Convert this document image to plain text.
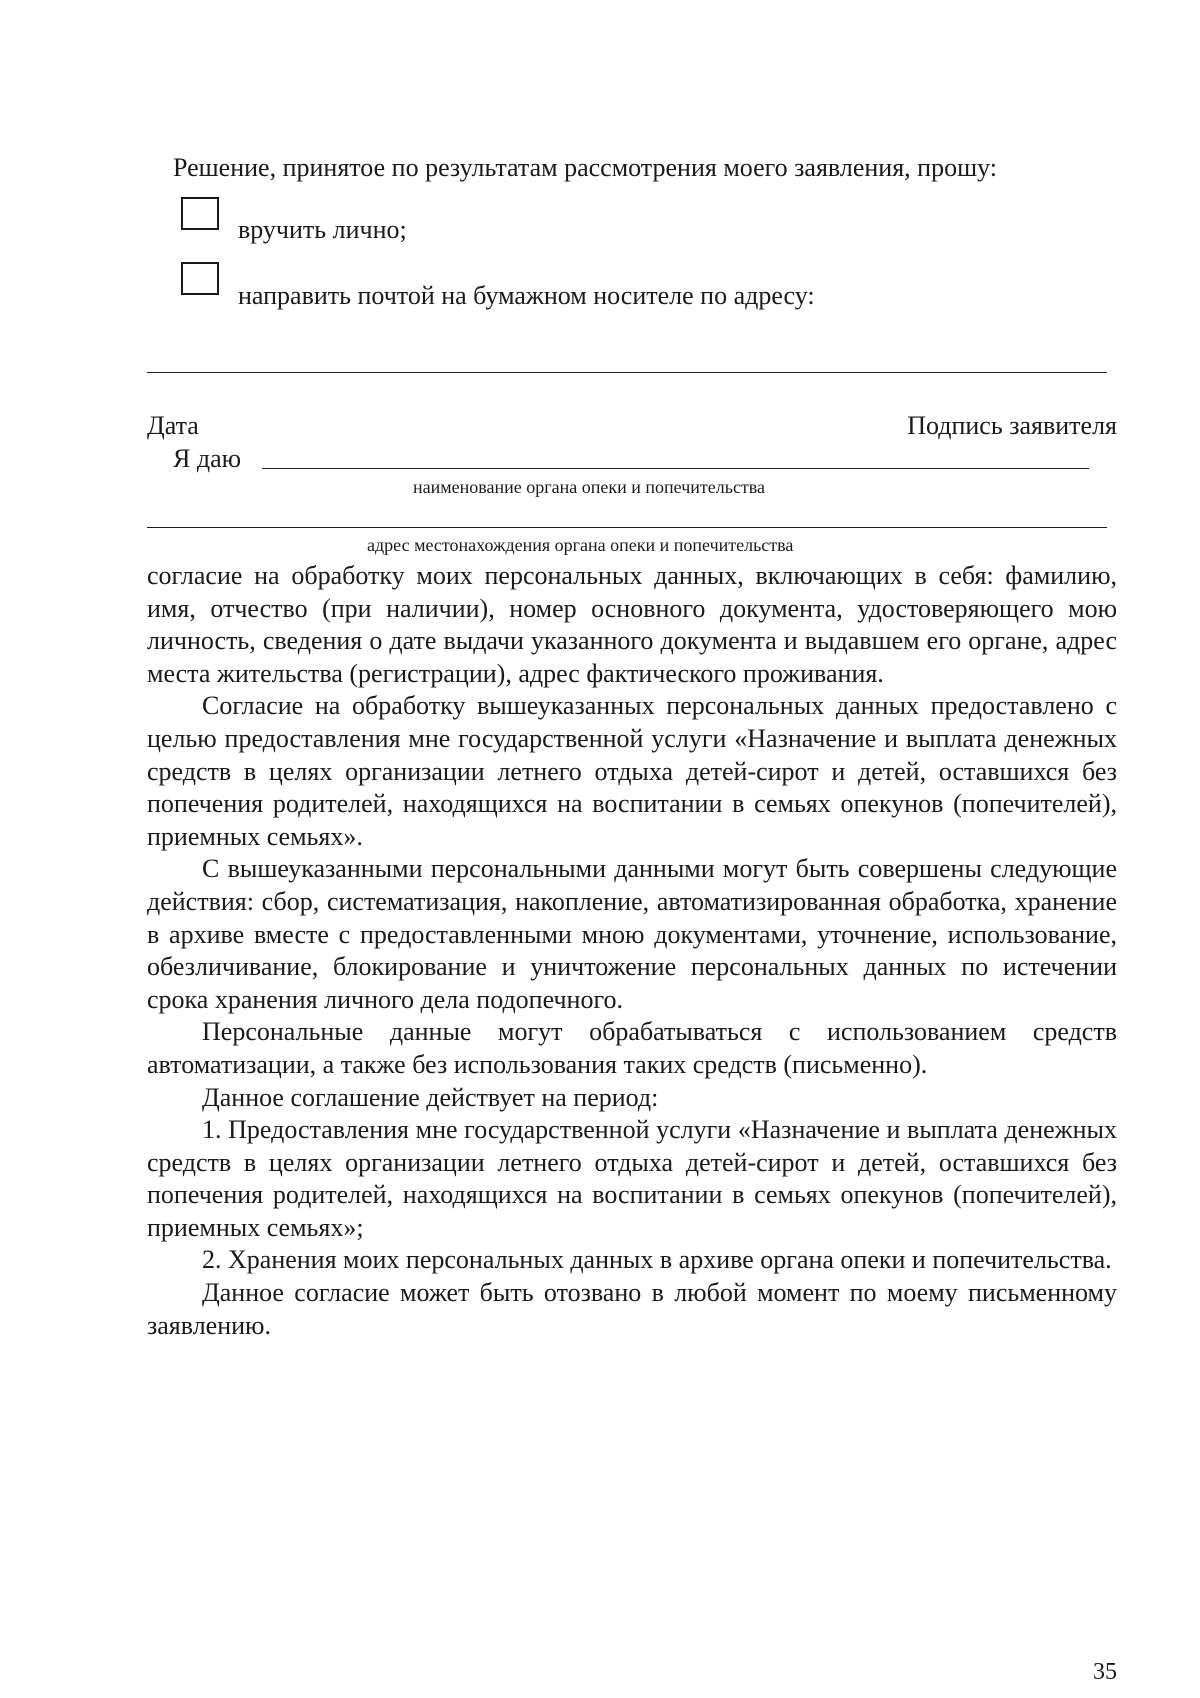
Решение, принятое по результатам рассмотрения моего заявления, прошу:
вручить лично;
направить почтой на бумажном носителе по адресу:
Дата	Подпись заявителя
Я даю
наименование органа опеки и попечительства
адрес местонахождения органа опеки и попечительства

согласие на обработку моих персональных данных, включающих в себя: фамилию, имя, отчество (при наличии), номер основного документа, удостоверяющего мою личность, сведения о дате выдачи указанного документа и выдавшем его органе, адрес места жительства (регистрации), адрес фактического проживания.

Согласие на обработку вышеуказанных персональных данных предоставлено с целью предоставления мне государственной услуги «Назначение и выплата денежных средств в целях организации летнего отдыха детей-сирот и детей, оставшихся без попечения родителей, находящихся на воспитании в семьях опекунов (попечителей), приемных семьях».

С вышеуказанными персональными данными могут быть совершены следующие действия: сбор, систематизация, накопление, автоматизированная обработка, хранение в архиве вместе с предоставленными мною документами, уточнение, использование, обезличивание, блокирование и уничтожение персональных данных по истечении срока хранения личного дела подопечного.

Персональные данные могут обрабатываться с использованием средств автоматизации, а также без использования таких средств (письменно).

Данное соглашение действует на период:

1. Предоставления мне государственной услуги «Назначение и выплата денежных средств в целях организации летнего отдыха детей-сирот и детей, оставшихся без попечения родителей, находящихся на воспитании в семьях опекунов (попечителей), приемных семьях»;

2. Хранения моих персональных данных в архиве органа опеки и попечительства.

Данное согласие может быть отозвано в любой момент по моему письменному заявлению.

35
